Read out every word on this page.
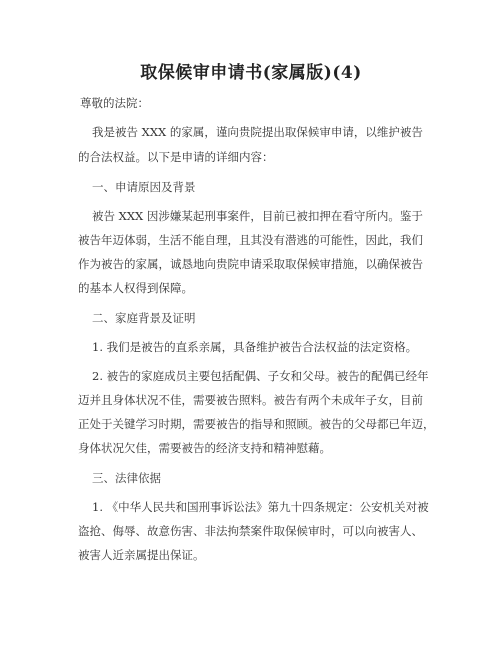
取保候审申请书(家属版)(4)
尊敬的法院：
我是被告 XXX 的家属，谨向贵院提出取保候审申请，以维护被告
的合法权益。以下是申请的详细内容：
一、申请原因及背景
被告 XXX 因涉嫌某起刑事案件，目前已被扣押在看守所内。鉴于
被告年迈体弱，生活不能自理，且其没有潜逃的可能性，因此，我们
作为被告的家属，诚恳地向贵院申请采取取保候审措施，以确保被告
的基本人权得到保障。
二、家庭背景及证明
1. 我们是被告的直系亲属，具备维护被告合法权益的法定资格。
2. 被告的家庭成员主要包括配偶、子女和父母。被告的配偶已经年
迈并且身体状况不佳，需要被告照料。被告有两个未成年子女，目前
正处于关键学习时期，需要被告的指导和照顾。被告的父母都已年迈，
身体状况欠佳，需要被告的经济支持和精神慰藉。
三、法律依据
1. 《中华人民共和国刑事诉讼法》第九十四条规定：公安机关对被
盗抢、侮辱、故意伤害、非法拘禁案件取保候审时，可以向被害人、
被害人近亲属提出保证。
